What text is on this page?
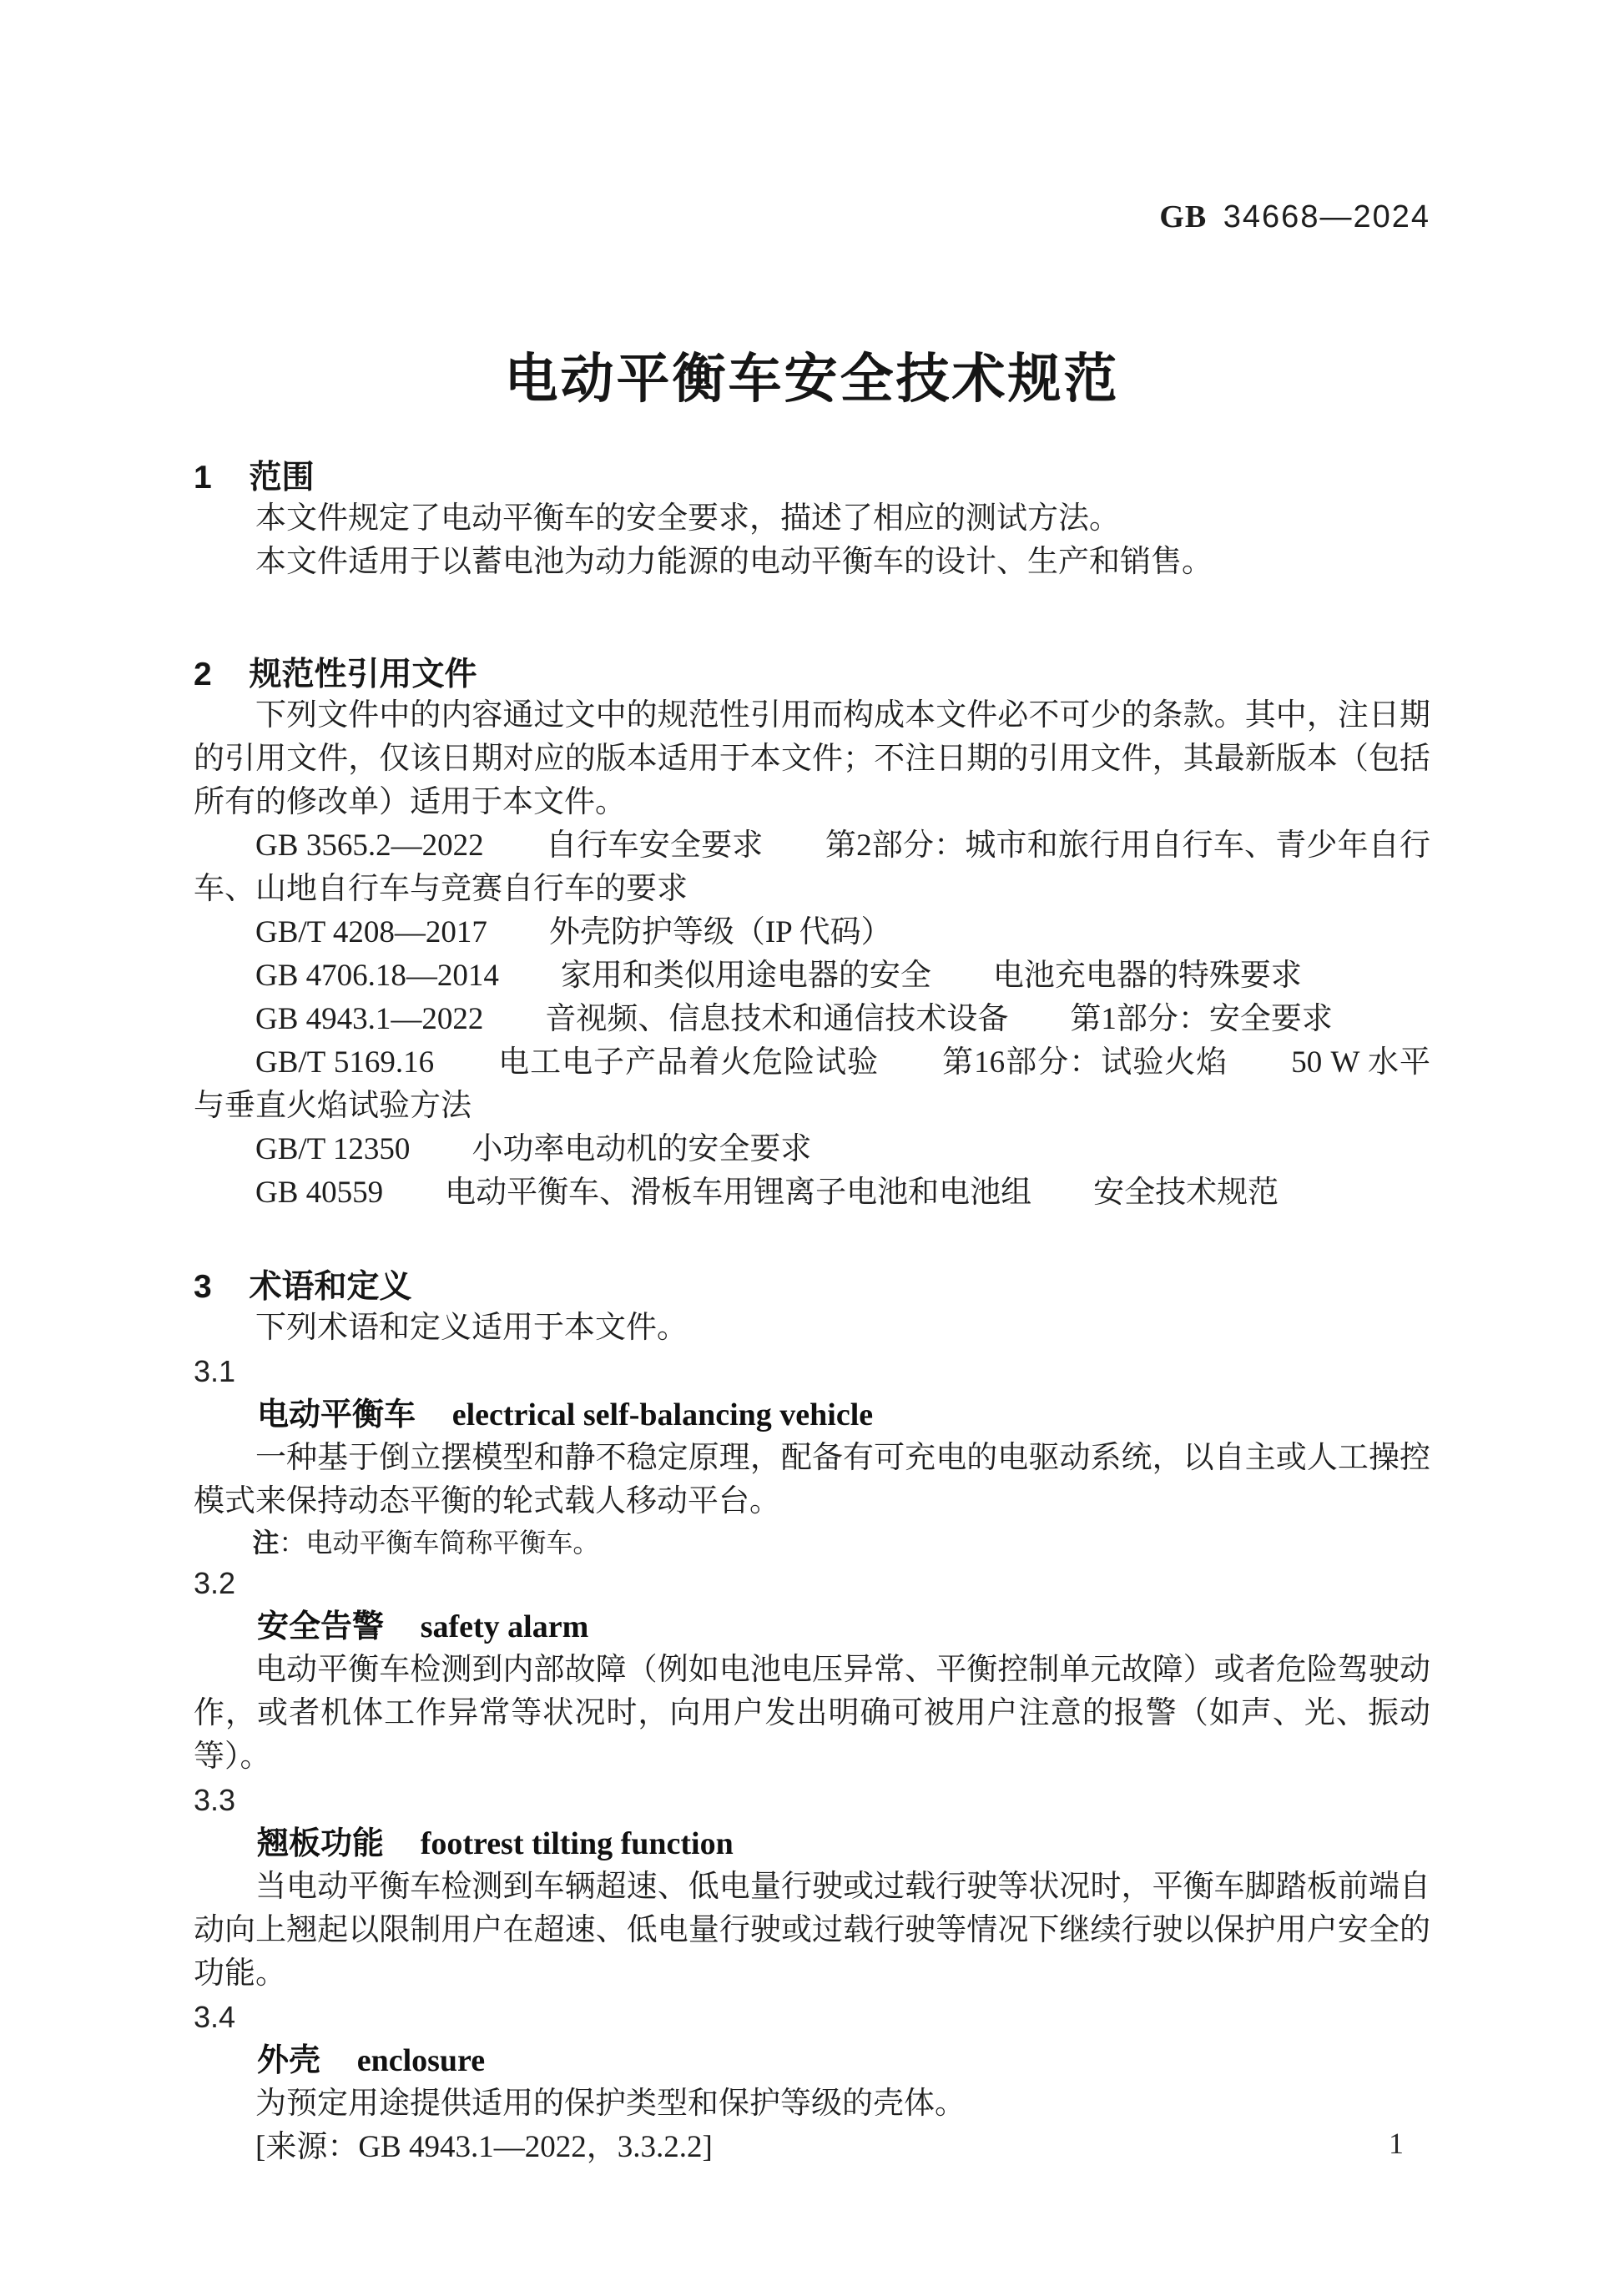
GB 34668—2024
电动平衡车安全技术规范

1 范围

本文件规定了电动平衡车的安全要求，描述了相应的测试方法。

本文件适用于以蓄电池为动力能源的电动平衡车的设计、生产和销售。

2 规范性引用文件

下列文件中的内容通过文中的规范性引用而构成本文件必不可少的条款。其中，注日期的引用文件，仅该日期对应的版本适用于本文件；不注日期的引用文件，其最新版本（包括所有的修改单）适用于本文件。

GB 3565.2—2022　　自行车安全要求　　第2部分：城市和旅行用自行车、青少年自行车、山地自行车与竞赛自行车的要求

GB/T 4208—2017　　外壳防护等级（IP 代码）

GB 4706.18—2014　　家用和类似用途电器的安全　　电池充电器的特殊要求

GB 4943.1—2022　　音视频、信息技术和通信技术设备　　第1部分：安全要求

GB/T 5169.16　　电工电子产品着火危险试验　　第16部分：试验火焰　　50 W 水平与垂直火焰试验方法

GB/T 12350　　小功率电动机的安全要求

GB 40559　　电动平衡车、滑板车用锂离子电池和电池组　　安全技术规范

3 术语和定义

下列术语和定义适用于本文件。

3.1

电动平衡车 electrical self-balancing vehicle

一种基于倒立摆模型和静不稳定原理，配备有可充电的电驱动系统，以自主或人工操控模式来保持动态平衡的轮式载人移动平台。

注：电动平衡车简称平衡车。

3.2

安全告警 safety alarm

电动平衡车检测到内部故障（例如电池电压异常、平衡控制单元故障）或者危险驾驶动作，或者机体工作异常等状况时，向用户发出明确可被用户注意的报警（如声、光、振动等）。

3.3

翘板功能 footrest tilting function

当电动平衡车检测到车辆超速、低电量行驶或过载行驶等状况时，平衡车脚踏板前端自动向上翘起以限制用户在超速、低电量行驶或过载行驶等情况下继续行驶以保护用户安全的功能。

3.4

外壳 enclosure

为预定用途提供适用的保护类型和保护等级的壳体。

[来源：GB 4943.1—2022，3.3.2.2]	1
